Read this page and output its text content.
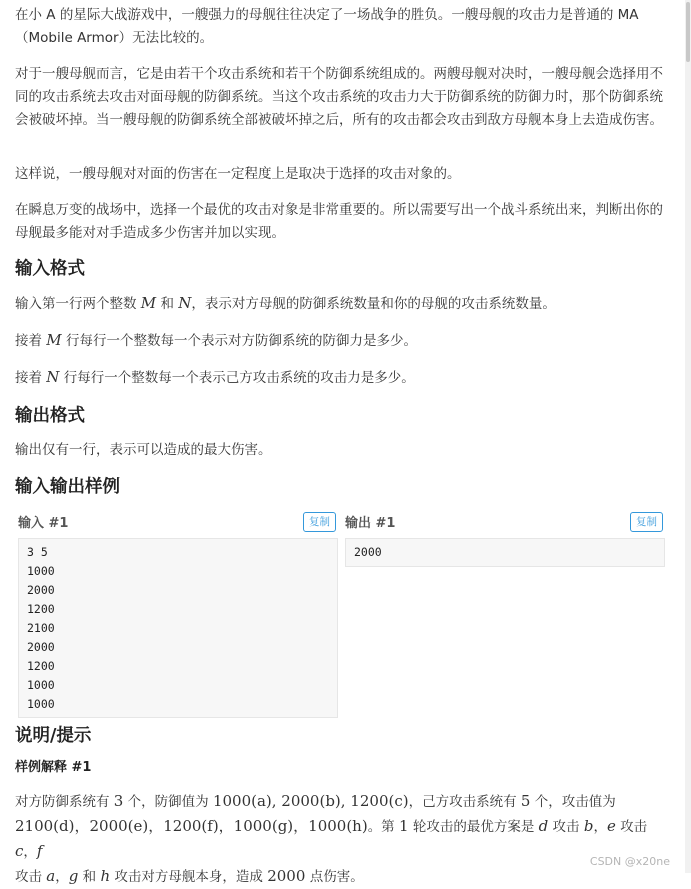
在小 A 的星际大战游戏中，一艘强力的母舰往往决定了一场战争的胜负。一艘母舰的攻击力是普通的 MA（Mobile Armor）无法比较的。

对于一艘母舰而言，它是由若干个攻击系统和若干个防御系统组成的。两艘母舰对决时，一艘母舰会选择用不同的攻击系统去攻击对面母舰的防御系统。当这个攻击系统的攻击力大于防御系统的防御力时，那个防御系统会被破坏掉。当一艘母舰的防御系统全部被破坏掉之后，所有的攻击都会攻击到敌方母舰本身上去造成伤害。

这样说，一艘母舰对对面的伤害在一定程度上是取决于选择的攻击对象的。

在瞬息万变的战场中，选择一个最优的攻击对象是非常重要的。所以需要写出一个战斗系统出来，判断出你的母舰最多能对对手造成多少伤害并加以实现。

输入格式

输入第一行两个整数 M 和 N，表示对方母舰的防御系统数量和你的母舰的攻击系统数量。

接着 M 行每行一个整数每一个表示对方防御系统的防御力是多少。

接着 N 行每行一个整数每一个表示己方攻击系统的攻击力是多少。

输出格式

输出仅有一行，表示可以造成的最大伤害。

输入输出样例
输入 #1	复制
3 5
1000
2000
1200
2100
2000
1200
1000
1000
输出 #1	复制
2000
说明/提示
样例解释 #1

对方防御系统有 3 个，防御值为 1000(a), 2000(b), 1200(c)，己方攻击系统有 5 个，攻击值为
2100(d)，2000(e)，1200(f)，1000(g)，1000(h)。第 1 轮攻击的最优方案是 d 攻击 b，e 攻击 c，f
攻击 a，g 和 h 攻击对方母舰本身，造成 2000 点伤害。

CSDN @x20ne
